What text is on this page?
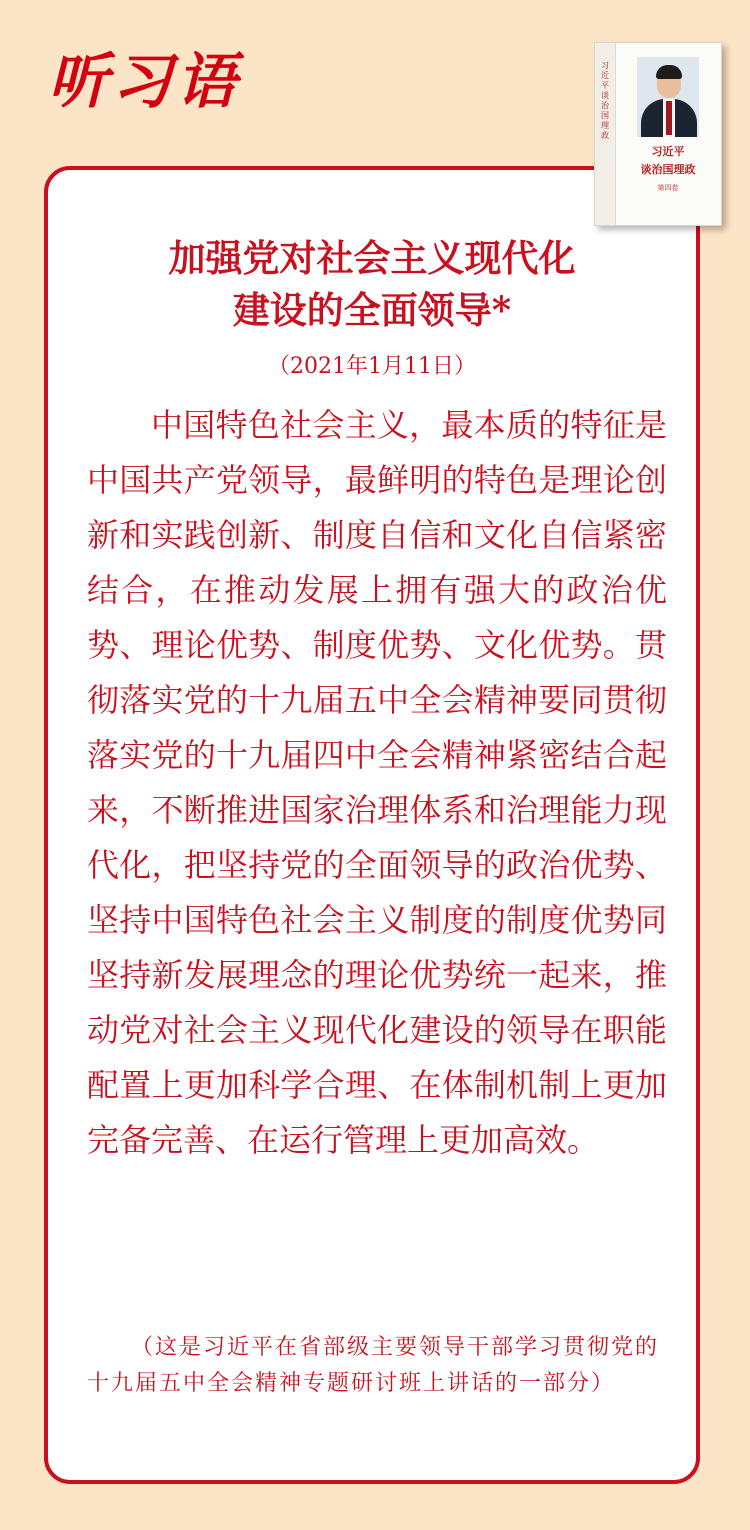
听习语	习近平谈治国理政
习近平
谈治国理政
第四卷
加强党对社会主义现代化
建设的全面领导*
（2021年1月11日）

中国特色社会主义，最本质的特征是中国共产党领导，最鲜明的特色是理论创新和实践创新、制度自信和文化自信紧密结合，在推动发展上拥有强大的政治优势、理论优势、制度优势、文化优势。贯彻落实党的十九届五中全会精神要同贯彻落实党的十九届四中全会精神紧密结合起来，不断推进国家治理体系和治理能力现代化，把坚持党的全面领导的政治优势、坚持中国特色社会主义制度的制度优势同坚持新发展理念的理论优势统一起来，推动党对社会主义现代化建设的领导在职能配置上更加科学合理、在体制机制上更加完备完善、在运行管理上更加高效。

（这是习近平在省部级主要领导干部学习贯彻党的十九届五中全会精神专题研讨班上讲话的一部分）
